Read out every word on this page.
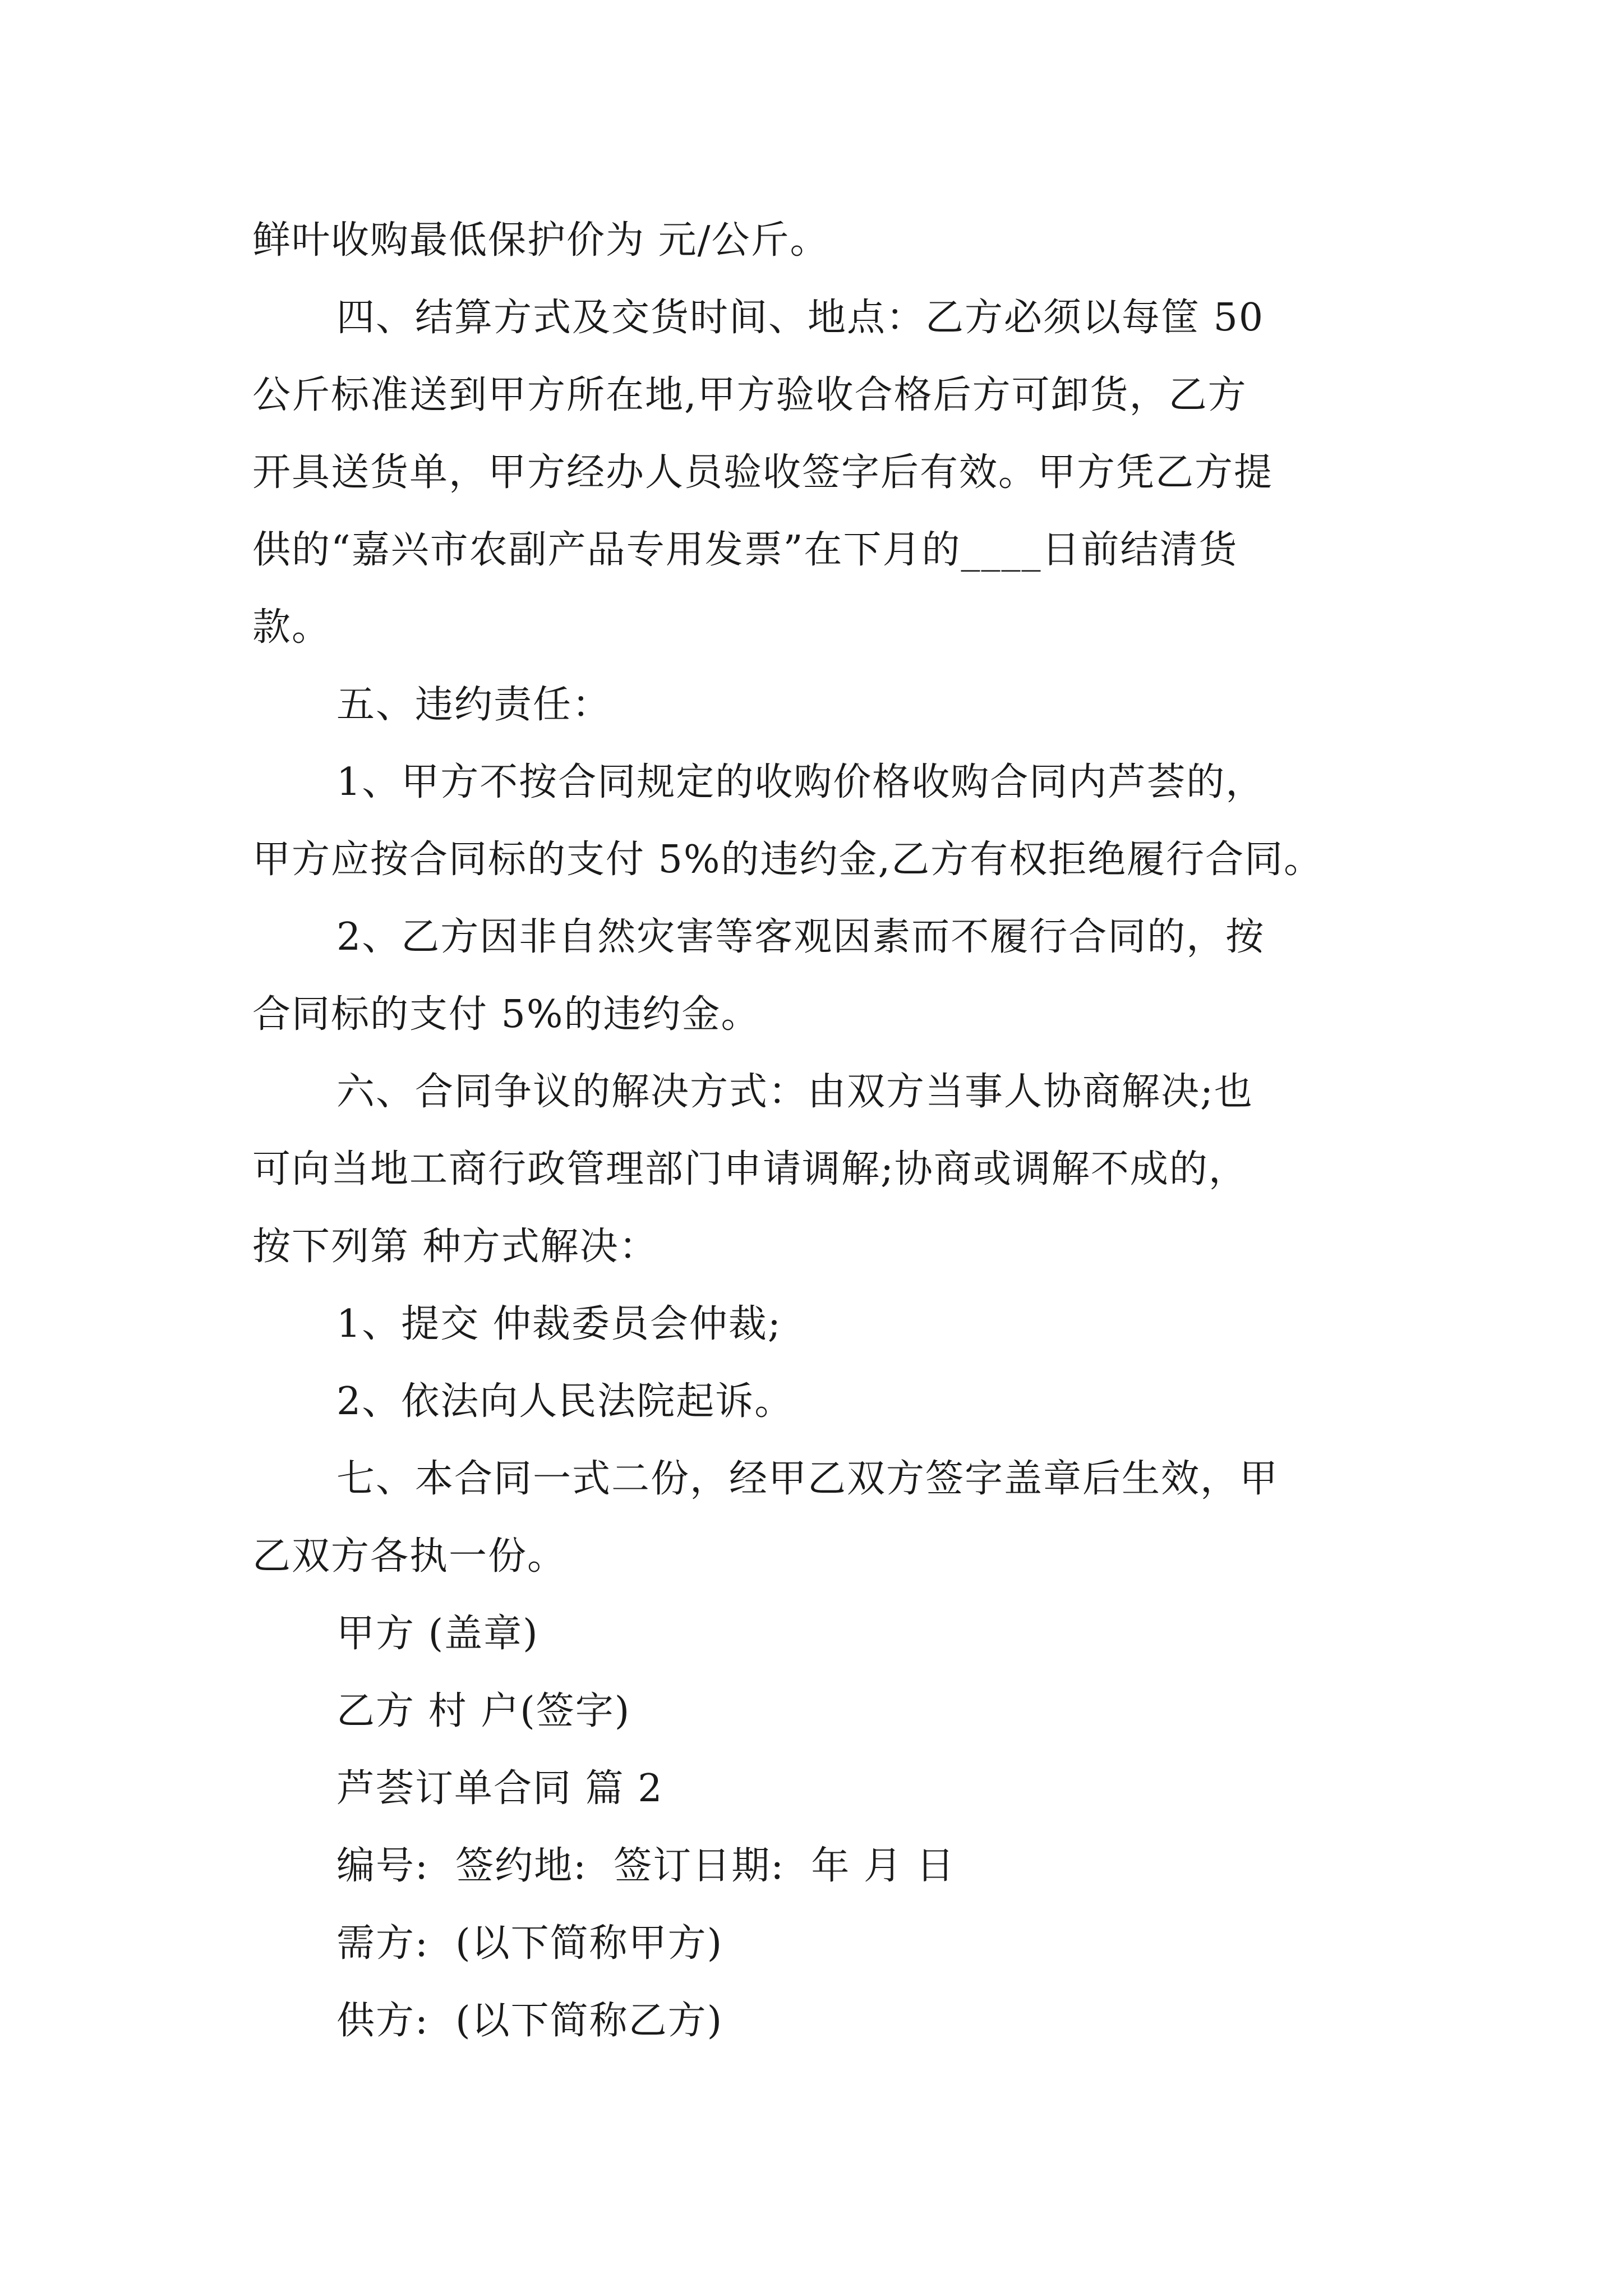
鲜叶收购最低保护价为 元/公斤。
四、结算方式及交货时间、地点：乙方必须以每筐 50
公斤标准送到甲方所在地,甲方验收合格后方可卸货，乙方
开具送货单，甲方经办人员验收签字后有效。甲方凭乙方提
供的“嘉兴市农副产品专用发票”在下月的____日前结清货
款。
五、违约责任：
1、甲方不按合同规定的收购价格收购合同内芦荟的，
甲方应按合同标的支付 5%的违约金,乙方有权拒绝履行合同。
2、乙方因非自然灾害等客观因素而不履行合同的，按
合同标的支付 5%的违约金。
六、合同争议的解决方式：由双方当事人协商解决;也
可向当地工商行政管理部门申请调解;协商或调解不成的，
按下列第 种方式解决：
1、提交 仲裁委员会仲裁;
2、依法向人民法院起诉。
七、本合同一式二份，经甲乙双方签字盖章后生效，甲
乙双方各执一份。
甲方 (盖章)
乙方 村 户(签字)
芦荟订单合同 篇 2
编号:  签约地:  签订日期:  年 月 日
需方:  (以下简称甲方)
供方:  (以下简称乙方)
